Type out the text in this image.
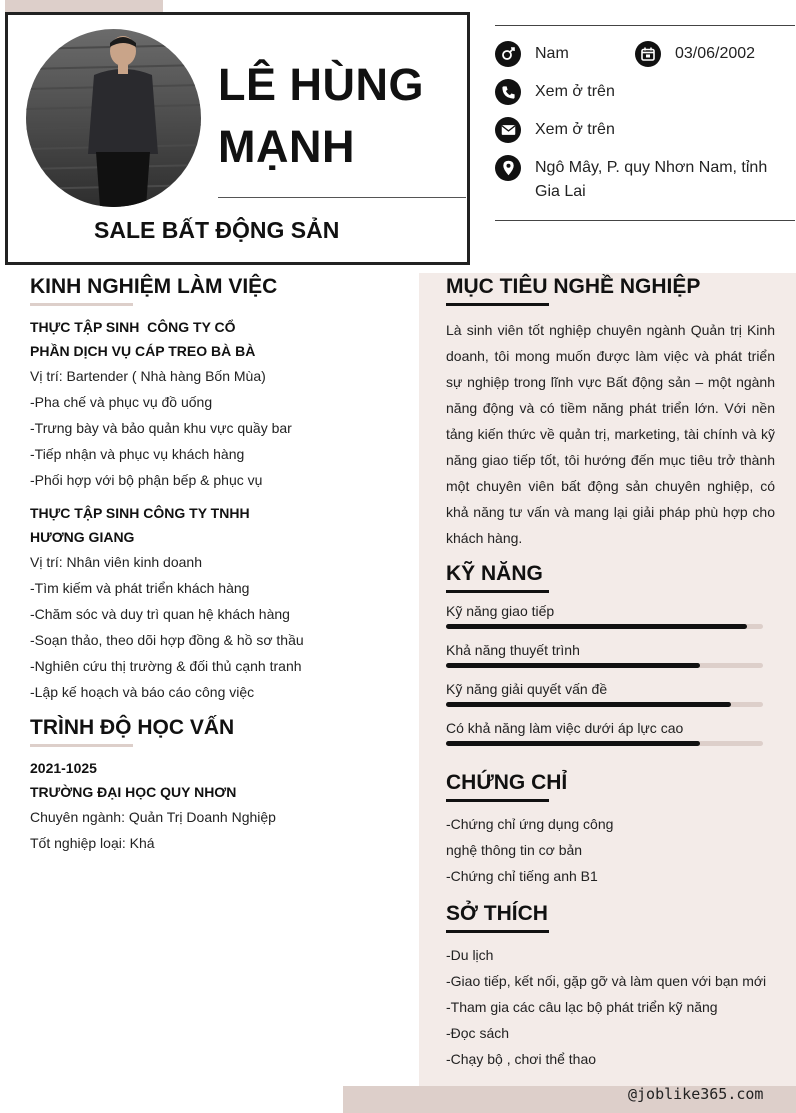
LÊ HÙNG
MẠNH
SALE BẤT ĐỘNG SẢN
Nam	03/06/2002
Xem ở trên
Xem ở trên
Ngô Mây, P. quy Nhơn Nam, tỉnh Gia Lai
KINH NGHIỆM LÀM VIỆC
THỰC TẬP SINH  CÔNG TY CỔ
PHẦN DỊCH VỤ CÁP TREO BÀ BÀ
Vị trí: Bartender ( Nhà hàng Bốn Mùa)
-Pha chế và phục vụ đồ uống
-Trưng bày và bảo quản khu vực quầy bar
-Tiếp nhận và phục vụ khách hàng
-Phối hợp với bộ phận bếp & phục vụ
THỰC TẬP SINH CÔNG TY TNHH
HƯƠNG GIANG
Vị trí: Nhân viên kinh doanh
-Tìm kiếm và phát triển khách hàng
-Chăm sóc và duy trì quan hệ khách hàng
-Soạn thảo, theo dõi hợp đồng & hồ sơ thầu
-Nghiên cứu thị trường & đối thủ cạnh tranh
-Lập kế hoạch và báo cáo công việc
TRÌNH ĐỘ HỌC VẤN
2021-1025
TRƯỜNG ĐẠI HỌC QUY NHƠN
Chuyên ngành: Quản Trị Doanh Nghiệp
Tốt nghiệp loại: Khá
MỤC TIÊU NGHỀ NGHIỆP
Là sinh viên tốt nghiệp chuyên ngành Quản trị Kinh doanh, tôi mong muốn được làm việc và phát triển sự nghiệp trong lĩnh vực Bất động sản – một ngành năng động và có tiềm năng phát triển lớn. Với nền tảng kiến thức về quản trị, marketing, tài chính và kỹ năng giao tiếp tốt, tôi hướng đến mục tiêu trở thành một chuyên viên bất động sản chuyên nghiệp, có khả năng tư vấn và mang lại giải pháp phù hợp cho khách hàng.
KỸ NĂNG
Kỹ năng giao tiếp
Khả năng thuyết trình
Kỹ năng giải quyết vấn đề
Có khả năng làm việc dưới áp lực cao
CHỨNG CHỈ
-Chứng chỉ ứng dụng công
nghệ thông tin cơ bản
-Chứng chỉ tiếng anh B1
SỞ THÍCH
-Du lịch
-Giao tiếp, kết nối, gặp gỡ và làm quen với bạn mới
-Tham gia các câu lạc bộ phát triển kỹ năng
-Đọc sách
-Chạy bộ , chơi thể thao
@joblike365.com
